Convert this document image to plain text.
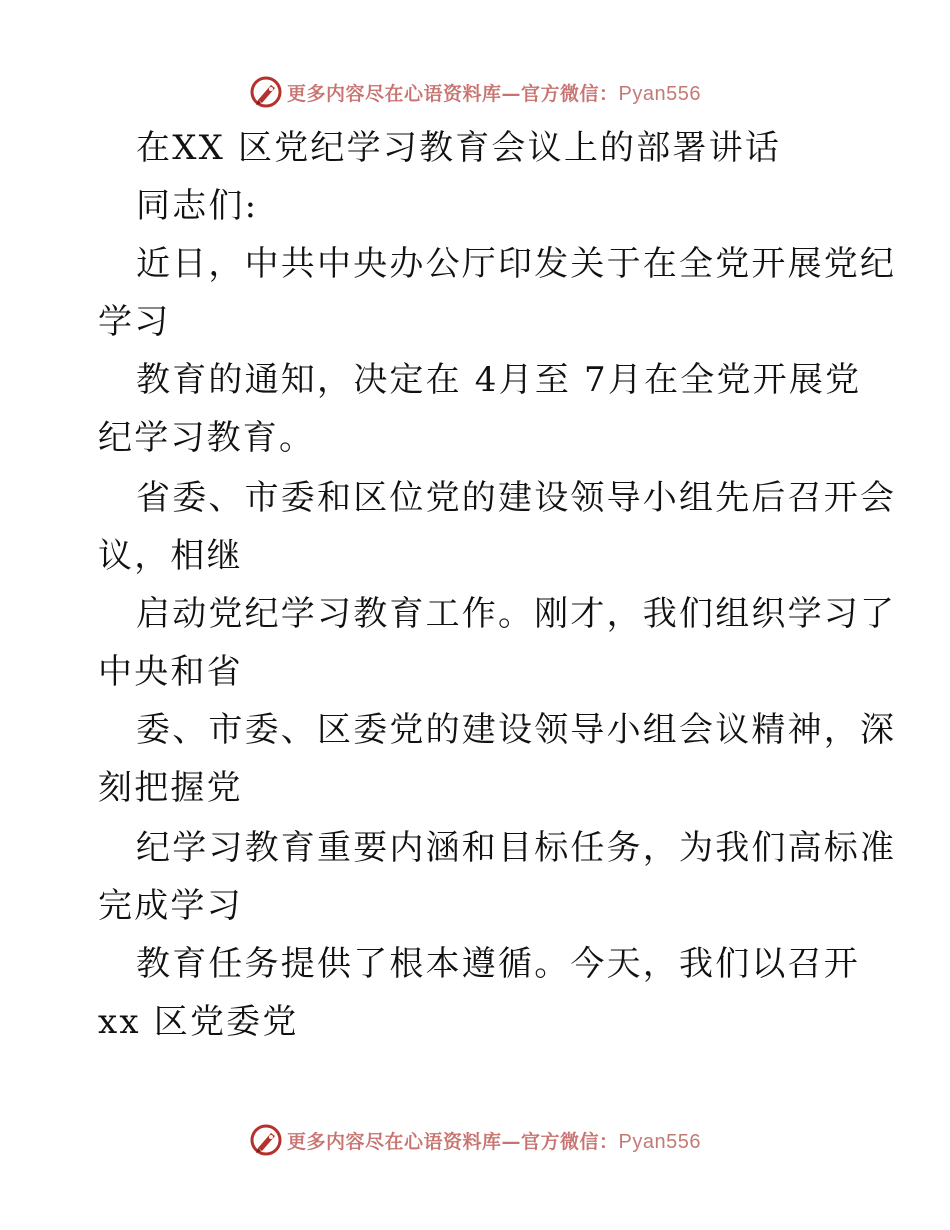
更多内容尽在心语资料库—官方微信：Pyan556
在XX 区党纪学习教育会议上的部署讲话
同志们:
近日，中共中央办公厅印发关于在全党开展党纪
学习
教育的通知，决定在 4月至 7月在全党开展党
纪学习教育。
省委、市委和区位党的建设领导小组先后召开会
议，相继
启动党纪学习教育工作。刚才，我们组织学习了
中央和省
委、市委、区委党的建设领导小组会议精神，深
刻把握党
纪学习教育重要内涵和目标任务，为我们高标准
完成学习
教育任务提供了根本遵循。今天，我们以召开
xx 区党委党
更多内容尽在心语资料库—官方微信：Pyan556
